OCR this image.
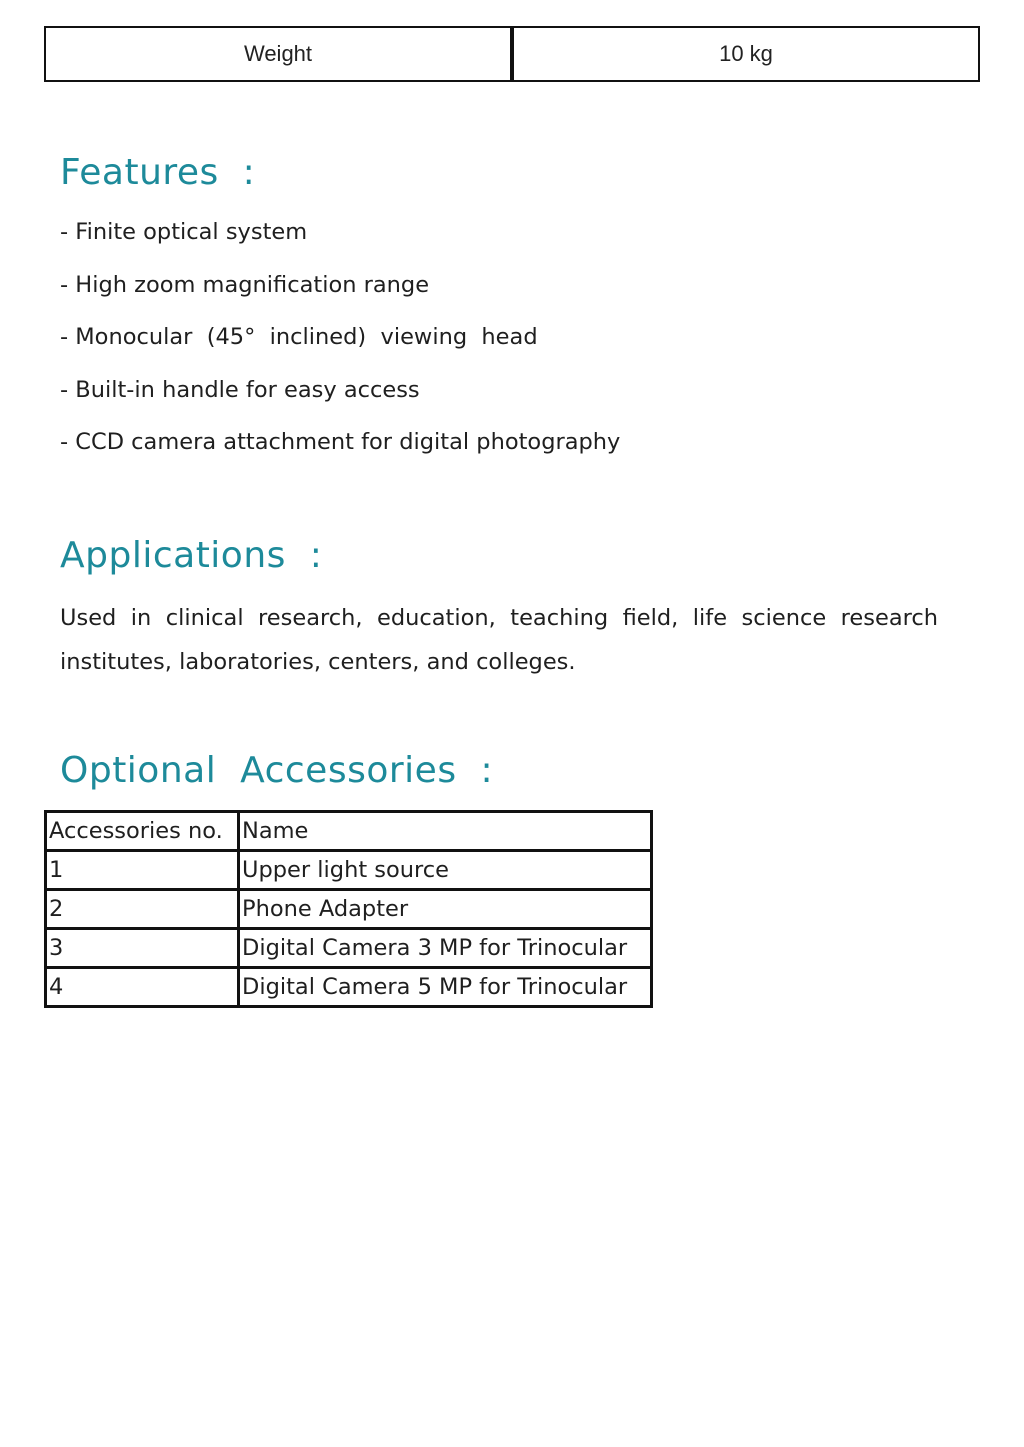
Weight	10 kg
Features  :
- Finite optical system
- High zoom magnification range
- Monocular  (45°  inclined)  viewing  head
- Built-in handle for easy access
- CCD camera attachment for digital photography
Applications  :

Used in clinical research, education, teaching field, life science research institutes, laboratories, centers, and colleges.

Optional  Accessories  :
Accessories no.	Name
1	Upper light source
2	Phone Adapter
3	Digital Camera 3 MP for Trinocular
4	Digital Camera 5 MP for Trinocular
